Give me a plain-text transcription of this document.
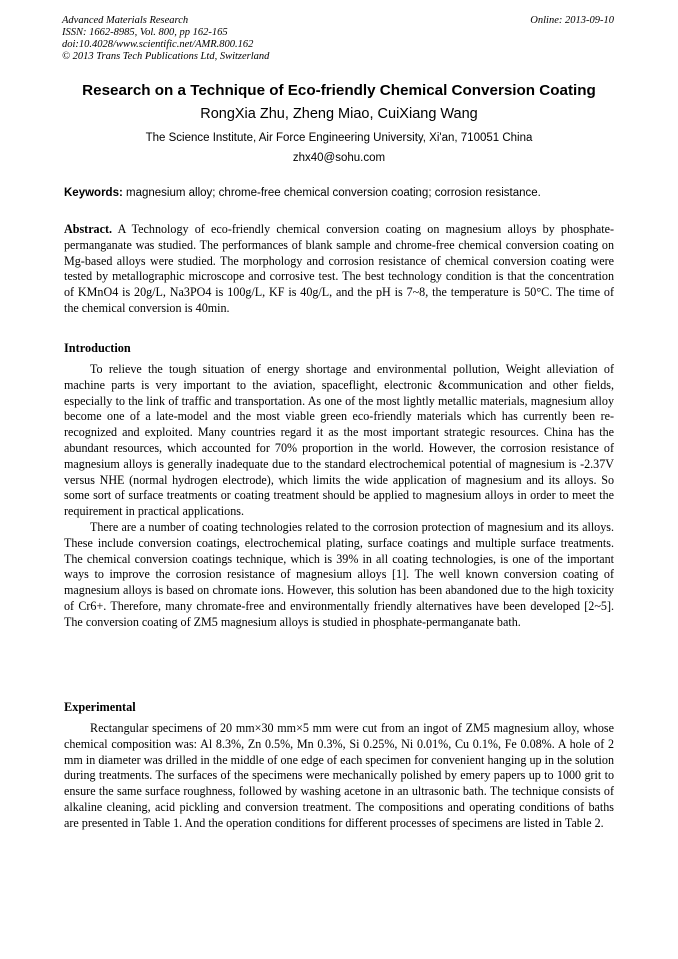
Advanced Materials Research
ISSN: 1662-8985, Vol. 800, pp 162-165
doi:10.4028/www.scientific.net/AMR.800.162
© 2013 Trans Tech Publications Ltd, Switzerland
Online: 2013-09-10
Research on a Technique of Eco-friendly Chemical Conversion Coating
RongXia Zhu, Zheng Miao, CuiXiang Wang
The Science Institute, Air Force Engineering University, Xi'an, 710051 China
zhx40@sohu.com
Keywords: magnesium alloy; chrome-free chemical conversion coating; corrosion resistance.

Abstract. A Technology of eco-friendly chemical conversion coating on magnesium alloys by phosphate-permanganate was studied. The performances of blank sample and chrome-free chemical conversion coating on Mg-based alloys were studied. The morphology and corrosion resistance of chemical conversion coating were tested by metallographic microscope and corrosive test. The best technology condition is that the concentration of KMnO4 is 20g/L, Na3PO4 is 100g/L, KF is 40g/L, and the pH is 7~8, the temperature is 50°C. The time of the chemical conversion is 40min.

Introduction

To relieve the tough situation of energy shortage and environmental pollution, Weight alleviation of machine parts is very important to the aviation, spaceflight, electronic &communication and other fields, especially to the link of traffic and transportation. As one of the most lightly metallic materials, magnesium alloy become one of a late-model and the most viable green eco-friendly materials which has currently been re-recognized and exploited. Many countries regard it as the most important strategic resources. China has the abundant resources, which accounted for 70% proportion in the world. However, the corrosion resistance of magnesium alloys is generally inadequate due to the standard electrochemical potential of magnesium is -2.37V versus NHE (normal hydrogen electrode), which limits the wide application of magnesium and its alloys. So some sort of surface treatments or coating treatment should be applied to magnesium alloys in order to meet the requirement in practical applications.

There are a number of coating technologies related to the corrosion protection of magnesium and its alloys. These include conversion coatings, electrochemical plating, surface coatings and multiple surface treatments. The chemical conversion coatings technique, which is 39% in all coating technologies, is one of the important ways to improve the corrosion resistance of magnesium alloys [1]. The well known conversion coating of magnesium alloys is based on chromate ions. However, this solution has been abandoned due to the high toxicity of Cr6+. Therefore, many chromate-free and environmentally friendly alternatives have been developed [2~5]. The conversion coating of ZM5 magnesium alloys is studied in phosphate-permanganate bath.

Experimental

Rectangular specimens of 20 mm×30 mm×5 mm were cut from an ingot of ZM5 magnesium alloy, whose chemical composition was: Al 8.3%, Zn 0.5%, Mn 0.3%, Si 0.25%, Ni 0.01%, Cu 0.1%, Fe 0.08%. A hole of 2 mm in diameter was drilled in the middle of one edge of each specimen for convenient hanging up in the solution during treatments. The surfaces of the specimens were mechanically polished by emery papers up to 1000 grit to ensure the same surface roughness, followed by washing acetone in an ultrasonic bath. The technique consists of alkaline cleaning, acid pickling and conversion treatment. The compositions and operating conditions of baths are presented in Table 1. And the operation conditions for different processes of specimens are listed in Table 2.
